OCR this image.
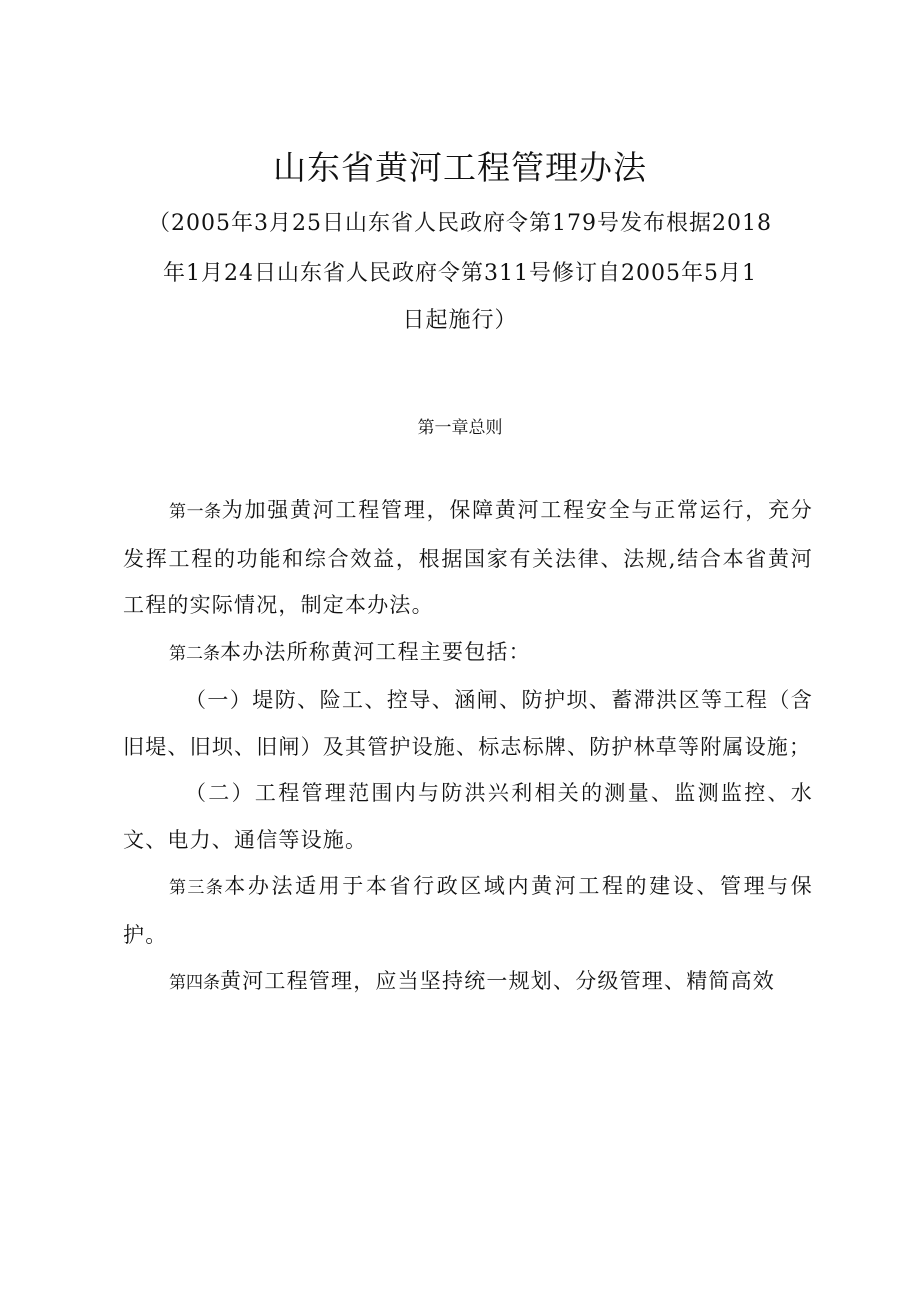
山东省黄河工程管理办法
（2005年3月25日山东省人民政府令第179号发布根据2018
年1月24日山东省人民政府令第311号修订自2005年5月1
日起施行）
第一章总则

第一条为加强黄河工程管理，保障黄河工程安全与正常运行，充分发挥工程的功能和综合效益，根据国家有关法律、法规,结合本省黄河工程的实际情况，制定本办法。

第二条本办法所称黄河工程主要包括：

（一）堤防、险工、控导、涵闸、防护坝、蓄滞洪区等工程（含旧堤、旧坝、旧闸）及其管护设施、标志标牌、防护林草等附属设施；

（二）工程管理范围内与防洪兴利相关的测量、监测监控、水文、电力、通信等设施。

第三条本办法适用于本省行政区域内黄河工程的建设、管理与保护。

第四条黄河工程管理，应当坚持统一规划、分级管理、精简高效
